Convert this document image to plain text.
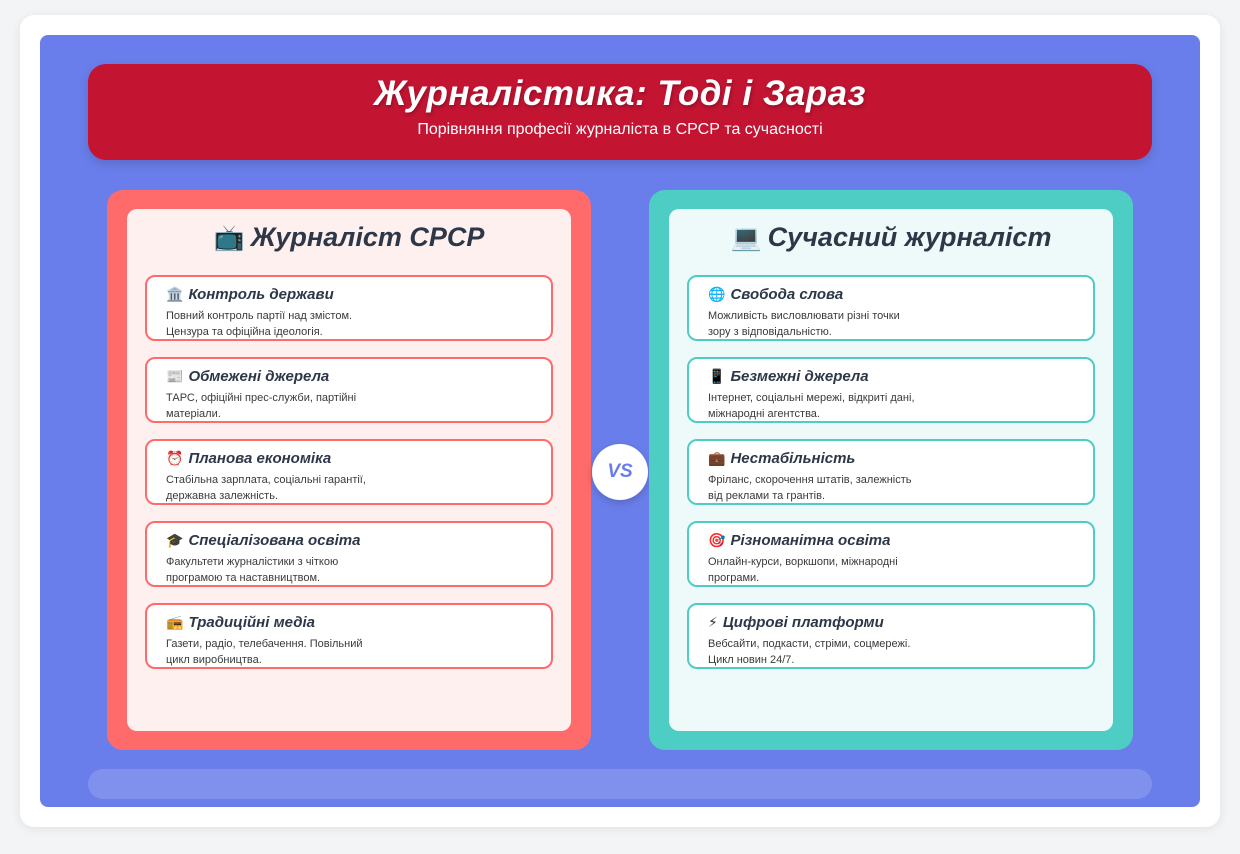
Журналістика: Тоді і Зараз
Порівняння професії журналіста в СРСР та сучасності
📺 Журналіст СРСР
🏛️ Контроль держави
Повний контроль партії над змістом. Цензура та офіційна ідеологія.
📰 Обмежені джерела
ТАРС, офіційні прес-служби, партійні матеріали.
⏰ Планова економіка
Стабільна зарплата, соціальні гарантії, державна залежність.
🎓 Спеціалізована освіта
Факультети журналістики з чіткою програмою та наставництвом.
📻 Традиційні медіа
Газети, радіо, телебачення. Повільний цикл виробництва.
VS
💻 Сучасний журналіст
🌐 Свобода слова
Можливість висловлювати різні точки зору з відповідальністю.
📱 Безмежні джерела
Інтернет, соціальні мережі, відкриті дані, міжнародні агентства.
💼 Нестабільність
Фріланс, скорочення штатів, залежність від реклами та грантів.
🎯 Різноманітна освіта
Онлайн-курси, воркшопи, міжнародні програми.
⚡ Цифрові платформи
Вебсайти, подкасти, стріми, соцмережі. Цикл новин 24/7.
